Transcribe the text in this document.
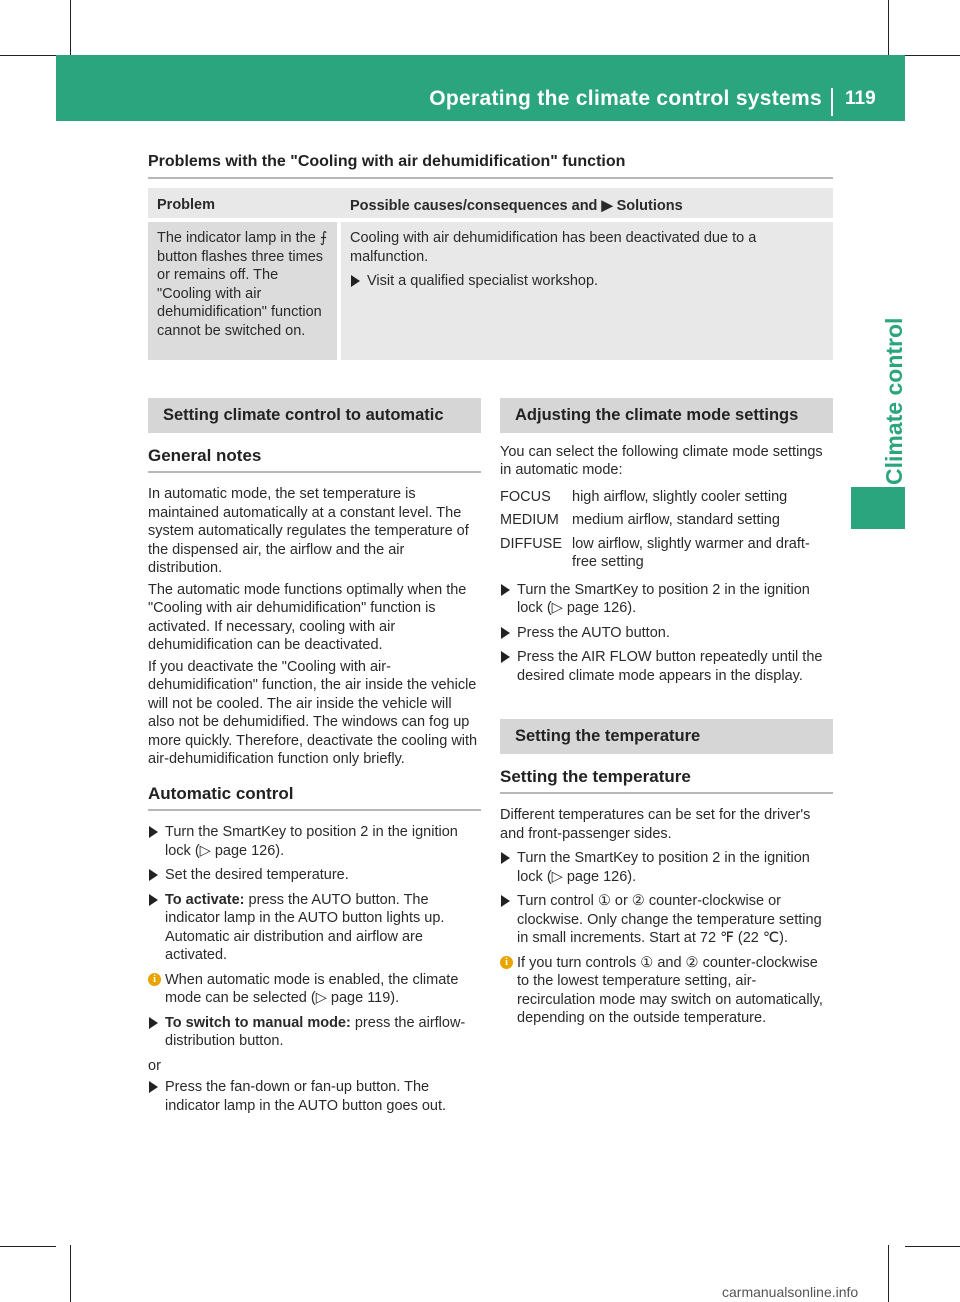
Operating the climate control systems 119
Climate control
Problems with the "Cooling with air dehumidification" function
Problem	Possible causes/consequences and ▶ Solutions
The indicator lamp in the ⨍ button flashes three times or remains off. The "Cooling with air dehumidification" function cannot be switched on.
Cooling with air dehumidification has been deactivated due to a malfunction.
Visit a qualified specialist workshop.
Setting climate control to automatic
General notes
In automatic mode, the set temperature is maintained automatically at a constant level. The system automatically regulates the temperature of the dispensed air, the airflow and the air distribution.
The automatic mode functions optimally when the "Cooling with air dehumidification" function is activated. If necessary, cooling with air dehumidification can be deactivated.
If you deactivate the "Cooling with air-dehumidification" function, the air inside the vehicle will not be cooled. The air inside the vehicle will also not be dehumidified. The windows can fog up more quickly. Therefore, deactivate the cooling with air-dehumidification function only briefly.
Automatic control
Turn the SmartKey to position 2 in the ignition lock (▷ page 126).
Set the desired temperature.
To activate: press the AUTO button. The indicator lamp in the AUTO button lights up. Automatic air distribution and airflow are activated.
i When automatic mode is enabled, the climate mode can be selected (▷ page 119).
To switch to manual mode: press the airflow-distribution button.
or
Press the fan-down or fan-up button. The indicator lamp in the AUTO button goes out.
Adjusting the climate mode settings
You can select the following climate mode settings in automatic mode:
FOCUS	high airflow, slightly cooler setting
MEDIUM medium airflow, standard setting
DIFFUSE low airflow, slightly warmer and draft-free setting
Turn the SmartKey to position 2 in the ignition lock (▷ page 126).
Press the AUTO button.
Press the AIR FLOW button repeatedly until the desired climate mode appears in the display.
Setting the temperature
Setting the temperature
Different temperatures can be set for the driver's and front-passenger sides.
Turn the SmartKey to position 2 in the ignition lock (▷ page 126).
Turn control ① or ② counter-clockwise or clockwise. Only change the temperature setting in small increments. Start at 72 ℉ (22 ℃).
i If you turn controls ① and ② counter-clockwise to the lowest temperature setting, air-recirculation mode may switch on automatically, depending on the outside temperature.
carmanualsonline.info
